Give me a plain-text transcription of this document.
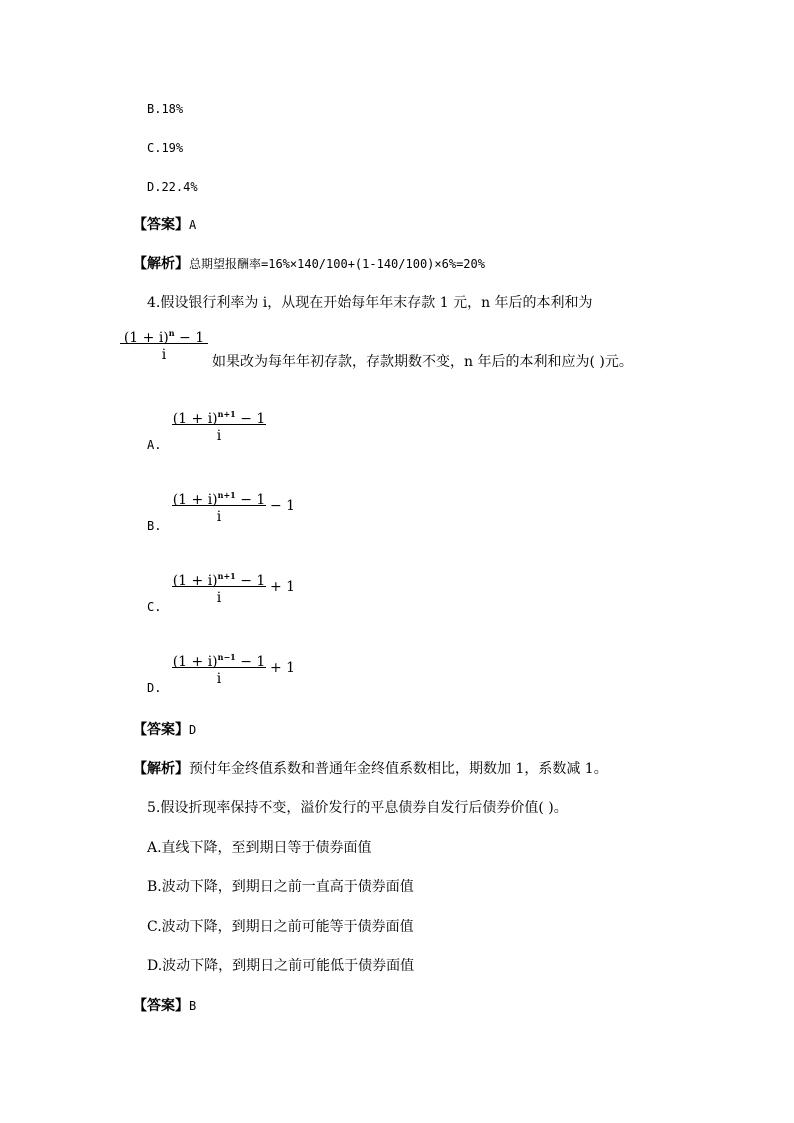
B.18%
C.19%
D.22.4%
【答案】A
【解析】总期望报酬率=16%×140/100+(1-140/100)×6%=20%
4.假设银行利率为 i，从现在开始每年年末存款 1 元，n 年后的本利和为
$(1 + i)^n - 1$
i	如果改为每年年初存款，存款期数不变，n 年后的本利和应为( )元。
A.
$(1 + i)^{n+1} - 1$
i
B.
$(1 + i)^{n+1} - 1$
i
− 1
C.
$(1 + i)^{n+1} - 1$
i
+ 1
D.
$(1 + i)^{n-1} - 1$
i
+ 1
【答案】D
【解析】预付年金终值系数和普通年金终值系数相比，期数加 1，系数减 1。
5.假设折现率保持不变，溢价发行的平息债券自发行后债券价值( )。
A.直线下降，至到期日等于债券面值
B.波动下降，到期日之前一直高于债券面值
C.波动下降，到期日之前可能等于债券面值
D.波动下降，到期日之前可能低于债券面值
【答案】B
